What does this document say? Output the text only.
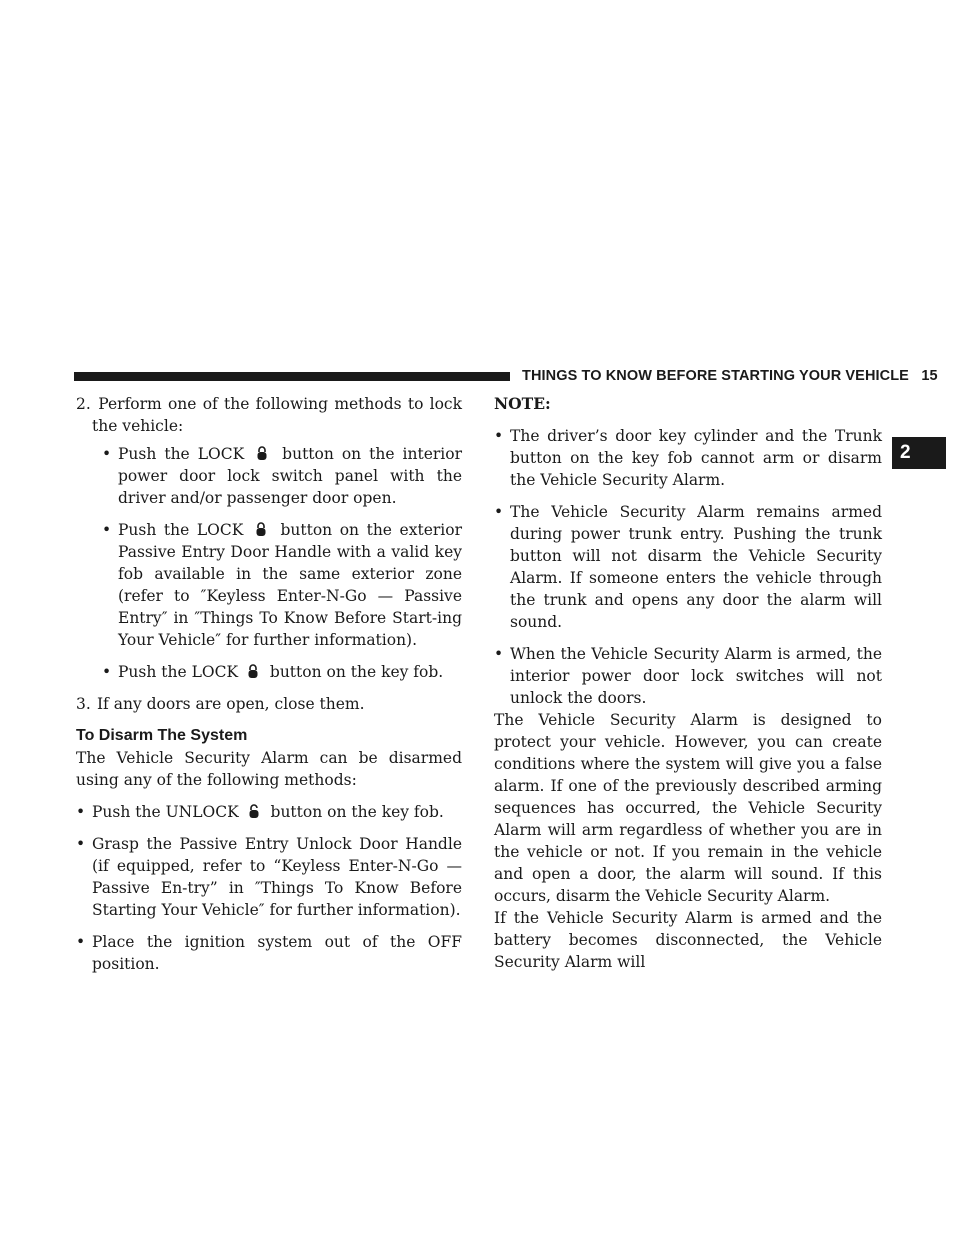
THINGS TO KNOW BEFORE STARTING YOUR VEHICLE 15
2

2. Perform one of the following methods to lock the vehicle:

• Push the LOCK button on the interior power door lock switch panel with the driver and/or passenger door open.
• Push the LOCK button on the exterior Passive Entry Door Handle with a valid key fob available in the same exterior zone (refer to ″Keyless Enter-N-Go — Passive Entry″ in ″Things To Know Before Start-ing Your Vehicle″ for further information).
• Push the LOCK button on the key fob.

3. If any doors are open, close them.

To Disarm The System

The Vehicle Security Alarm can be disarmed using any of the following methods:

• Push the UNLOCK button on the key fob.
• Grasp the Passive Entry Unlock Door Handle (if equipped, refer to “Keyless Enter-N-Go — Passive En-try” in ″Things To Know Before Starting Your Vehicle″ for further information).
• Place the ignition system out of the OFF position.

NOTE:

• The driver’s door key cylinder and the Trunk button on the key fob cannot arm or disarm the Vehicle Security Alarm.
• The Vehicle Security Alarm remains armed during power trunk entry. Pushing the trunk button will not disarm the Vehicle Security Alarm. If someone enters the vehicle through the trunk and opens any door the alarm will sound.
• When the Vehicle Security Alarm is armed, the interior power door lock switches will not unlock the doors.

The Vehicle Security Alarm is designed to protect your vehicle. However, you can create conditions where the system will give you a false alarm. If one of the previously described arming sequences has occurred, the Vehicle Security Alarm will arm regardless of whether you are in the vehicle or not. If you remain in the vehicle and open a door, the alarm will sound. If this occurs, disarm the Vehicle Security Alarm.

If the Vehicle Security Alarm is armed and the battery becomes disconnected, the Vehicle Security Alarm will
